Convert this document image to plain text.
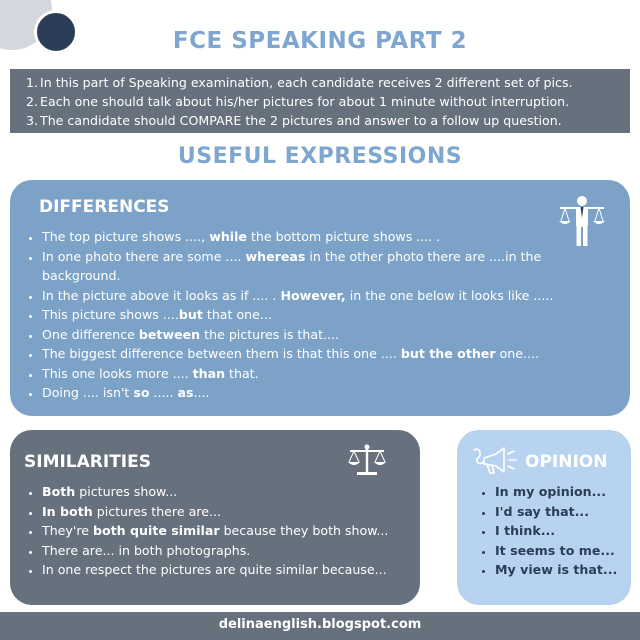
FCE SPEAKING PART 2
1. In this part of Speaking examination, each candidate receives 2 different set of pics.
2. Each one should talk about his/her pictures for about 1 minute without interruption.
3. The candidate should COMPARE the 2 pictures and answer to a follow up question.
USEFUL EXPRESSIONS
DIFFERENCES
• The top picture shows ...., while the bottom picture shows .... .
• In one photo there are some .... whereas in the other photo there are ....in the background.
• In the picture above it looks as if .... . However, in the one below it looks like .....
• This picture shows ....but that one...
• One difference between the pictures is that....
• The biggest difference between them is that this one .... but the other one....
• This one looks more .... than that.
• Doing .... isn't so ..... as....
SIMILARITIES
• Both pictures show...
• In both pictures there are...
• They're both quite similar because they both show...
• There are... in both photographs.
• In one respect the pictures are quite similar because...
OPINION
• In my opinion...
• I'd say that...
• I think...
• It seems to me...
• My view is that...
delinaenglish.blogspot.com
